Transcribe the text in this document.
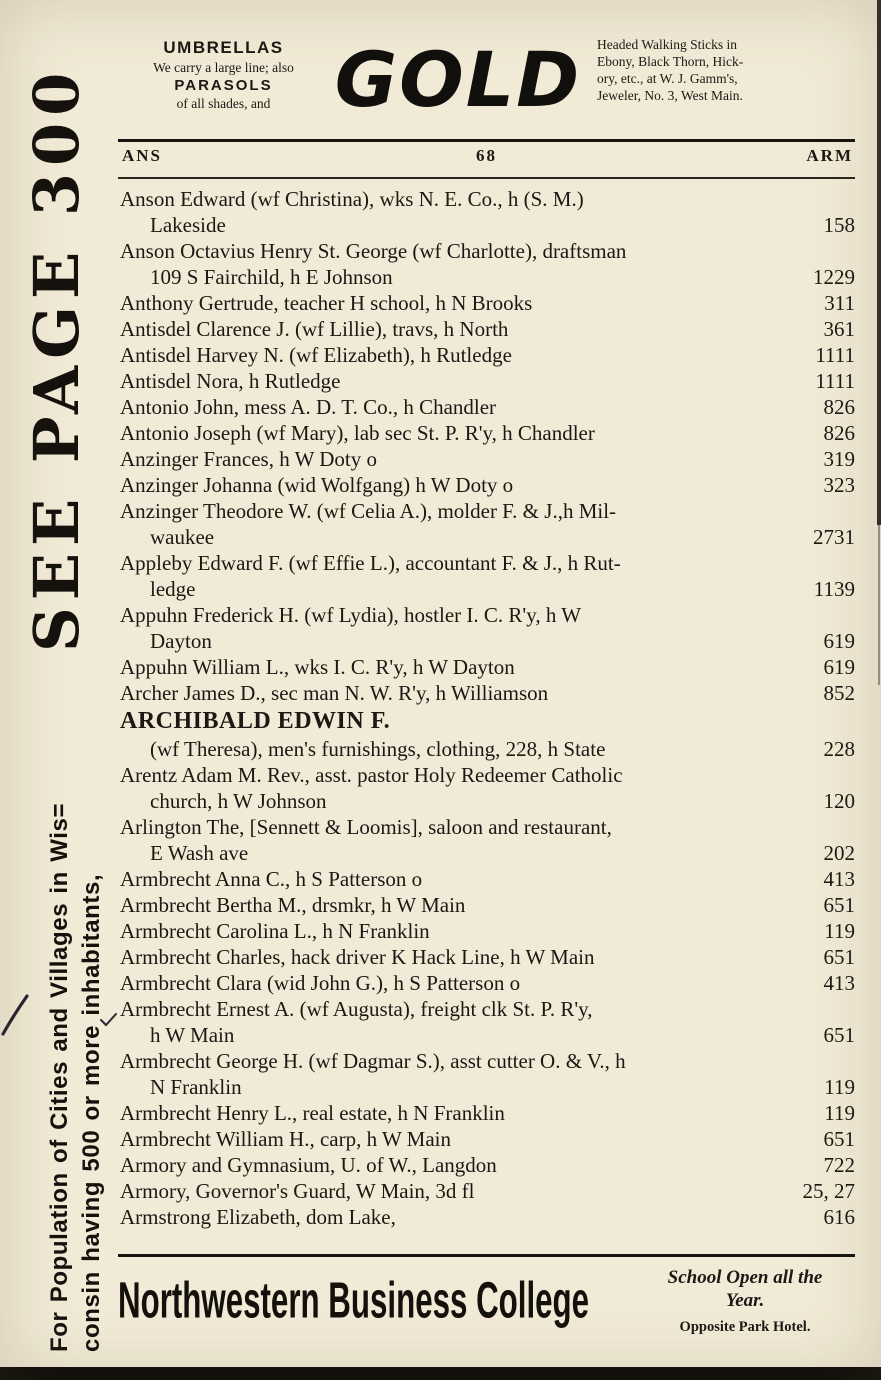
SEE PAGE 300
For Population of Cities and Villages in Wis= consin having 500 or more inhabitants,
UMBRELLAS
We carry a large line; also
PARASOLS
of all shades, and GOLD	Headed Walking Sticks in
Ebony, Black Thorn, Hick-
ory, etc., at W. J. Gamm's,
Jeweler, No. 3, West Main.
ANS	68	ARM
Anson Edward (wf Christina), wks N. E. Co., h (S. M.)
Lakeside	158
Anson Octavius Henry St. George (wf Charlotte), draftsman
109 S Fairchild, h E Johnson	1229
Anthony Gertrude, teacher H school, h N Brooks	311
Antisdel Clarence J. (wf Lillie), travs, h North	361
Antisdel Harvey N. (wf Elizabeth), h Rutledge	1111
Antisdel Nora, h Rutledge	1111
Antonio John, mess A. D. T. Co., h Chandler	826
Antonio Joseph (wf Mary), lab sec St. P. R'y, h Chandler	826
Anzinger Frances, h W Doty o	319
Anzinger Johanna (wid Wolfgang) h W Doty o	323
Anzinger Theodore W. (wf Celia A.), molder F. & J.,h Mil-
waukee	2731
Appleby Edward F. (wf Effie L.), accountant F. & J., h Rut-
ledge	1139
Appuhn Frederick H. (wf Lydia), hostler I. C. R'y, h W
Dayton	619
Appuhn William L., wks I. C. R'y, h W Dayton	619
Archer James D., sec man N. W. R'y, h Williamson	852
ARCHIBALD EDWIN F.
(wf Theresa), men's furnishings, clothing, 228, h State	228
Arentz Adam M. Rev., asst. pastor Holy Redeemer Catholic
church, h W Johnson	120
Arlington The, [Sennett & Loomis], saloon and restaurant,
E Wash ave	202
Armbrecht Anna C., h S Patterson o	413
Armbrecht Bertha M., drsmkr, h W Main	651
Armbrecht Carolina L., h N Franklin	119
Armbrecht Charles, hack driver K Hack Line, h W Main	651
Armbrecht Clara (wid John G.), h S Patterson o	413
Armbrecht Ernest A. (wf Augusta), freight clk St. P. R'y,
h W Main	651
Armbrecht George H. (wf Dagmar S.), asst cutter O. & V., h
N Franklin	119
Armbrecht Henry L., real estate, h N Franklin	119
Armbrecht William H., carp, h W Main	651
Armory and Gymnasium, U. of W., Langdon	722
Armory, Governor's Guard, W Main, 3d fl	25, 27
Armstrong Elizabeth, dom Lake,	616
Northwestern Business College	School Open all the
Year.
Opposite Park Hotel.
